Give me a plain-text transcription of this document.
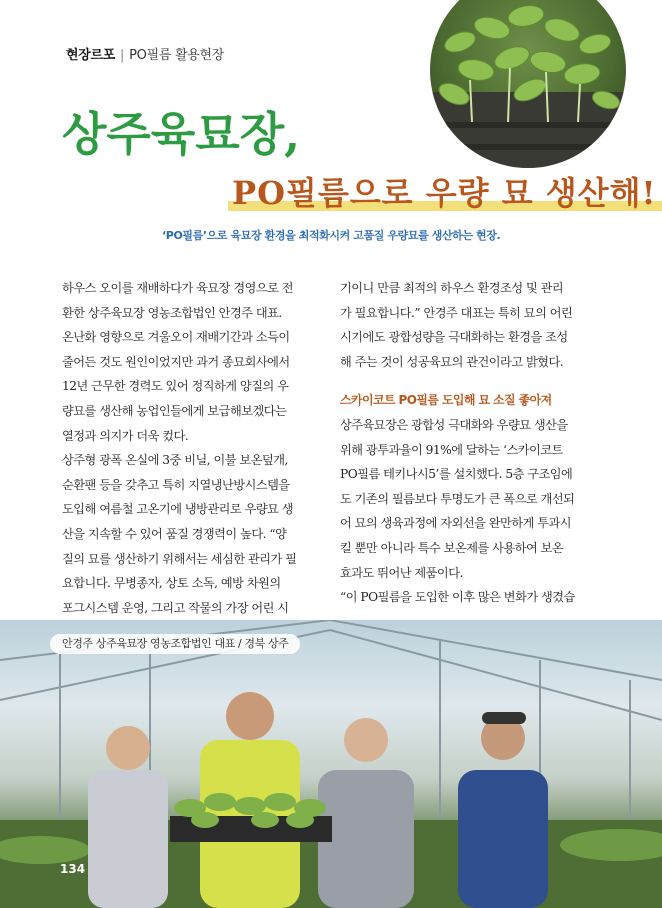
현장르포 | PO필름 활용현장
상주육묘장,
PO필름으로 우량 묘 생산해!
‘PO필름’으로 육묘장 환경을 최적화시켜 고품질 우량묘를 생산하는 현장.
하우스 오이를 재배하다가 육묘장 경영으로 전
환한 상주육묘장 영농조합법인 안경주 대표.
온난화 영향으로 겨울오이 재배기간과 소득이
줄어든 것도 원인이었지만 과거 종묘회사에서
12년 근무한 경력도 있어 정직하게 양질의 우
량묘를 생산해 농업인들에게 보급해보겠다는
열정과 의지가 더욱 컸다.
상주형 광폭 온실에 3중 비닐, 이불 보온덮개,
순환팬 등을 갖추고 특히 지열냉난방시스템을
도입해 여름철 고온기에 냉방관리로 우량묘 생
산을 지속할 수 있어 품질 경쟁력이 높다. “양
질의 묘를 생산하기 위해서는 세심한 관리가 필
요합니다. 무병종자, 상토 소독, 예방 차원의
포그시스템 운영, 그리고 작물의 가장 어린 시
기이니 만큼 최적의 하우스 환경조성 및 관리
가 필요합니다.” 안경주 대표는 특히 묘의 어린
시기에도 광합성량을 극대화하는 환경을 조성
해 주는 것이 성공육묘의 관건이라고 밝혔다.
스카이코트 PO필름 도입해 묘 소질 좋아져
상주육묘장은 광합성 극대화와 우량묘 생산을
위해 광투과율이 91%에 달하는 ‘스카이코트
PO필름 테키나시5’를 설치했다. 5층 구조임에
도 기존의 필름보다 투명도가 큰 폭으로 개선되
어 묘의 생육과정에 자외선을 완만하게 투과시
킬 뿐만 아니라 특수 보온제를 사용하여 보온
효과도 뛰어난 제품이다.
“이 PO필름을 도입한 이후 많은 변화가 생겼습
안경주 상주육묘장 영농조합법인 대표 / 경북 상주
134
